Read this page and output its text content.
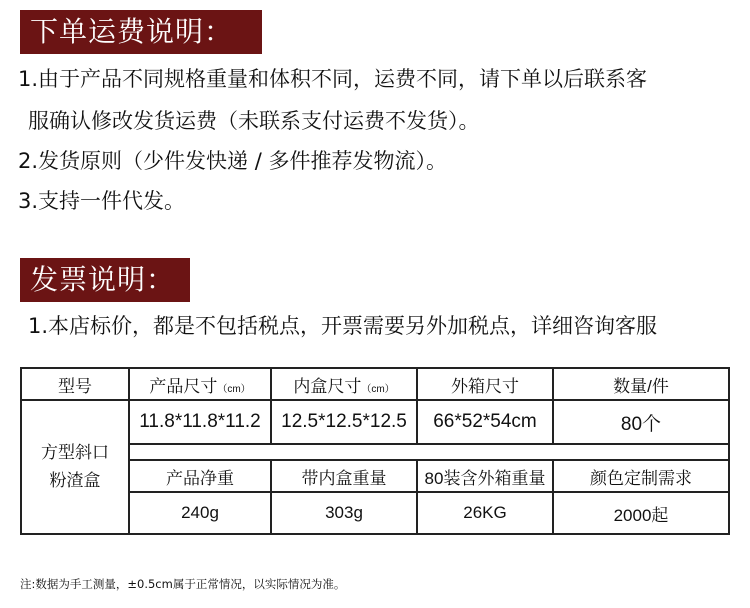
下单运费说明：
1.由于产品不同规格重量和体积不同，运费不同，请下单以后联系客
服确认修改发货运费（未联系支付运费不发货）。
2.发货原则（少件发快递 / 多件推荐发物流）。
3.支持一件代发。
发票说明：
1.本店标价，都是不包括税点，开票需要另外加税点，详细咨询客服
型号	产品尺寸（cm）	内盒尺寸（cm）	外箱尺寸	数量/件

方型斜口
粉渣盒	11.8*11.8*11.2	12.5*12.5*12.5	66*52*54cm	80个

	产品净重	带内盒重量	80装含外箱重量	颜色定制需求
	240g	303g	26KG	2000起
注:数据为手工测量，±0.5cm属于正常情况，以实际情况为准。
